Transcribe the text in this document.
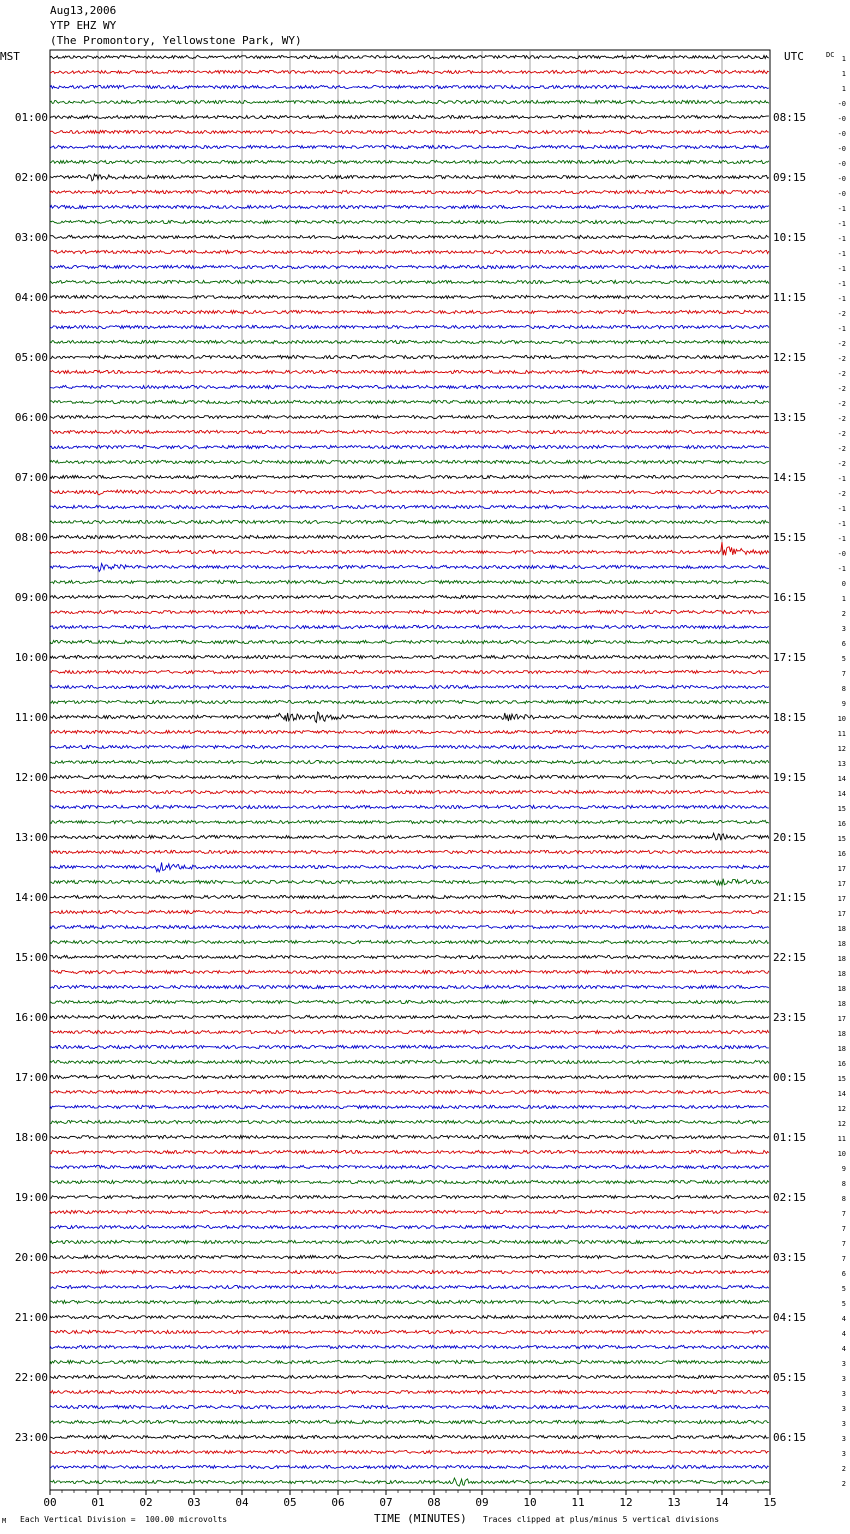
Aug13,2006
YTP EHZ WY
(The Promontory, Yellowstone Park, WY)
00	01	02	03	04	05	06	07	08	09	10	11	12	13	14	15
1
1
1
-0
-0
01:00	08:15
-0
-0
-0
-0
02:00	09:15
-0
-1
-1
-1
03:00	10:15
-1
-1
-1
-1
04:00	11:15
-2
-1
-2
-2
05:00	12:15
-2
-2
-2
-2
06:00	13:15
-2
-2
-2
-1
07:00	14:15
-2
-1
-1
-1
08:00	15:15
-0
-1
0
1
09:00	16:15
2
3
6
5
10:00	17:15
7
8
9
10
11:00	18:15
11
12
13
14
12:00	19:15
14
15
16
15
13:00	20:15
16
17
17
17
14:00	21:15
17
18
18
18
15:00	22:15
18
18
18
17
16:00	23:15
18
18
16
15
17:00	00:15
14
12
12
11
18:00	01:15
10
9
8
8
19:00	02:15
7
7
7
7
20:00	03:15
6
5
5
4
21:00	04:15
4
4
3
3
22:00	05:15
3
3
3
3
23:00	06:15
3
2
2
MST	UTC	DC
M Each Vertical Division =  100.00 microvolts	TIME (MINUTES) Traces clipped at plus/minus 5 vertical divisions
